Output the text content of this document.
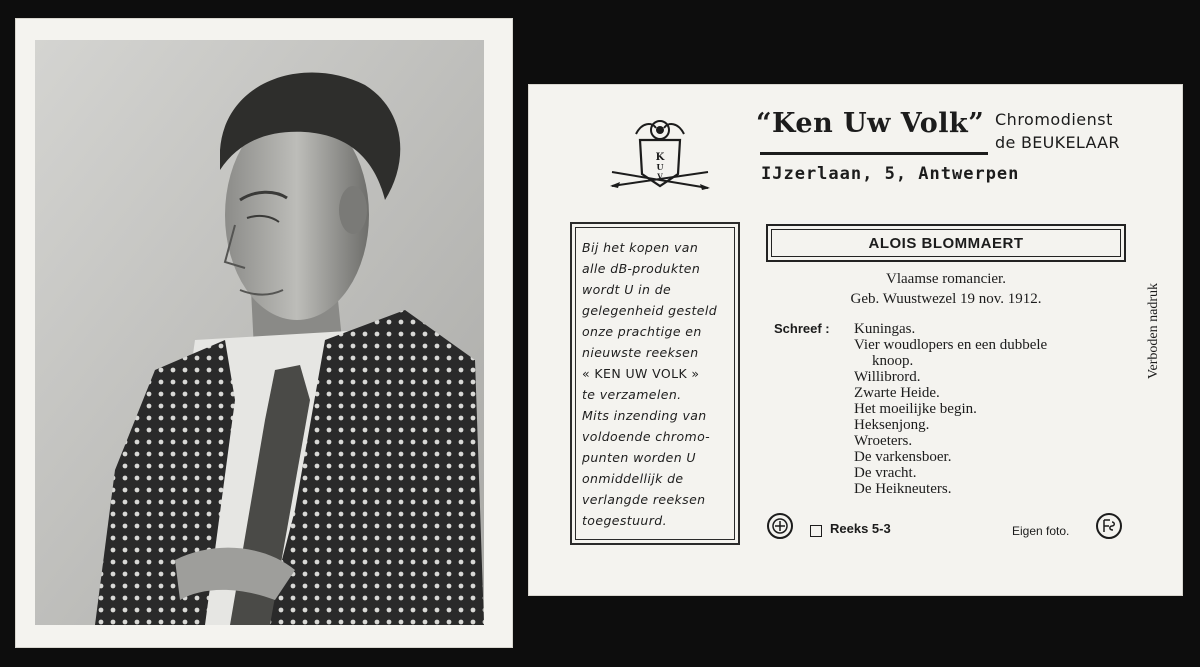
K
U
V
“Ken Uw Volk” Chromodienst
de BEUKELAAR
IJzerlaan, 5, Antwerpen
Bij het kopen van
alle dB-produkten
wordt U in de
gelegenheid gesteld
onze prachtige en
nieuwste reeksen
« KEN UW VOLK »
te verzamelen.
Mits inzending van
voldoende chromo-
punten worden U
onmiddellijk de
verlangde reeksen
toegestuurd.
ALOIS BLOMMAERT
Vlaamse romancier.
Geb. Wuustwezel 19 nov. 1912.
Schreef : Kuningas.
Vier woudlopers en een dubbele
knoop.
Willibrord.
Zwarte Heide.
Het moeilijke begin.
Heksenjong.
Wroeters.
De varkensboer.
De vracht.
De Heikneuters.
Verboden nadruk
Reeks 5-3	Eigen foto.
